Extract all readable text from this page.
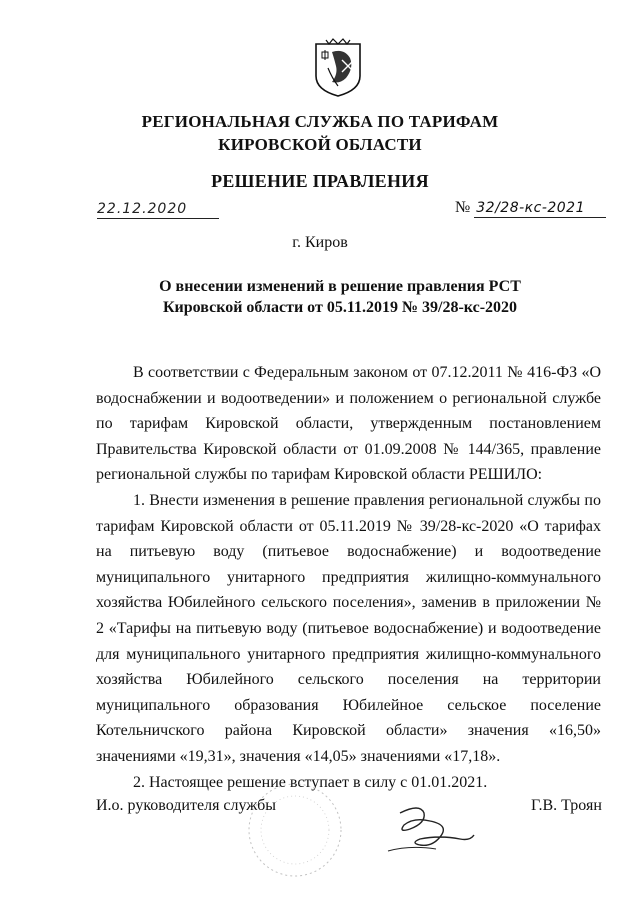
РЕГИОНАЛЬНАЯ СЛУЖБА ПО ТАРИФАМ
КИРОВСКОЙ ОБЛАСТИ
РЕШЕНИЕ ПРАВЛЕНИЯ
22.12.2020	№ 32/28-кс-2021
г. Киров
О внесении изменений в решение правления РСТ Кировской области от 05.11.2019 № 39/28-кс-2020

В соответствии с Федеральным законом от 07.12.2011 № 416-ФЗ «О водоснабжении и водоотведении» и положением о региональной службе по тарифам Кировской области, утвержденным постановлением Правительства Кировской области от 01.09.2008 № 144/365, правление региональной службы по тарифам Кировской области РЕШИЛО:

1. Внести изменения в решение правления региональной службы по тарифам Кировской области от 05.11.2019 № 39/28-кс-2020 «О тарифах на питьевую воду (питьевое водоснабжение) и водоотведение муниципального унитарного предприятия жилищно-коммунального хозяйства Юбилейного сельского поселения», заменив в приложении № 2 «Тарифы на питьевую воду (питьевое водоснабжение) и водоотведение для муниципального унитарного предприятия жилищно-коммунального хозяйства Юбилейного сельского поселения на территории муниципального образования Юбилейное сельское поселение Котельничского района Кировской области» значения «16,50» значениями «19,31», значения «14,05» значениями «17,18».

2. Настоящее решение вступает в силу с 01.01.2021.

И.о. руководителя службы	Г.В. Троян
